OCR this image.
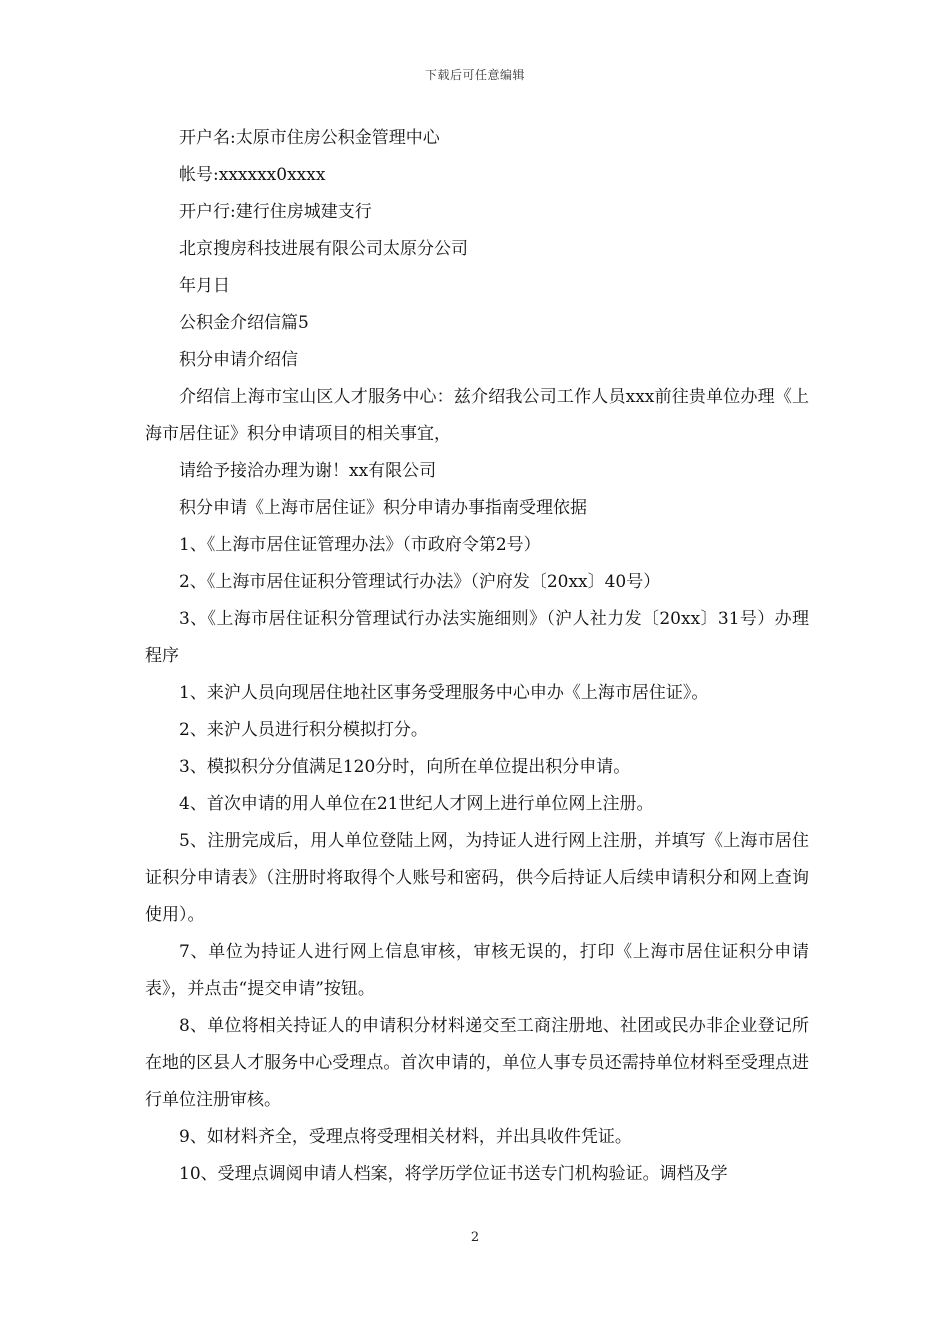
下载后可任意编辑

开户名:太原市住房公积金管理中心

帐号:xxxxxx0xxxx

开户行:建行住房城建支行

北京搜房科技进展有限公司太原分公司

年月日

公积金介绍信篇5

积分申请介绍信

介绍信上海市宝山区人才服务中心：兹介绍我公司工作人员xxx前往贵单位办理《上海市居住证》积分申请项目的相关事宜，

请给予接洽办理为谢！xx有限公司

积分申请《上海市居住证》积分申请办事指南受理依据

1、《上海市居住证管理办法》（市政府令第2号）

2、《上海市居住证积分管理试行办法》（沪府发〔20xx〕40号）

3、《上海市居住证积分管理试行办法实施细则》（沪人社力发〔20xx〕31号）办理程序

1、来沪人员向现居住地社区事务受理服务中心申办《上海市居住证》。

2、来沪人员进行积分模拟打分。

3、模拟积分分值满足120分时，向所在单位提出积分申请。

4、首次申请的用人单位在21世纪人才网上进行单位网上注册。

5、注册完成后，用人单位登陆上网，为持证人进行网上注册，并填写《上海市居住证积分申请表》（注册时将取得个人账号和密码，供今后持证人后续申请积分和网上查询使用）。

7、单位为持证人进行网上信息审核，审核无误的，打印《上海市居住证积分申请表》，并点击“提交申请”按钮。

8、单位将相关持证人的申请积分材料递交至工商注册地、社团或民办非企业登记所在地的区县人才服务中心受理点。首次申请的，单位人事专员还需持单位材料至受理点进行单位注册审核。

9、如材料齐全，受理点将受理相关材料，并出具收件凭证。

10、受理点调阅申请人档案，将学历学位证书送专门机构验证。调档及学

2
